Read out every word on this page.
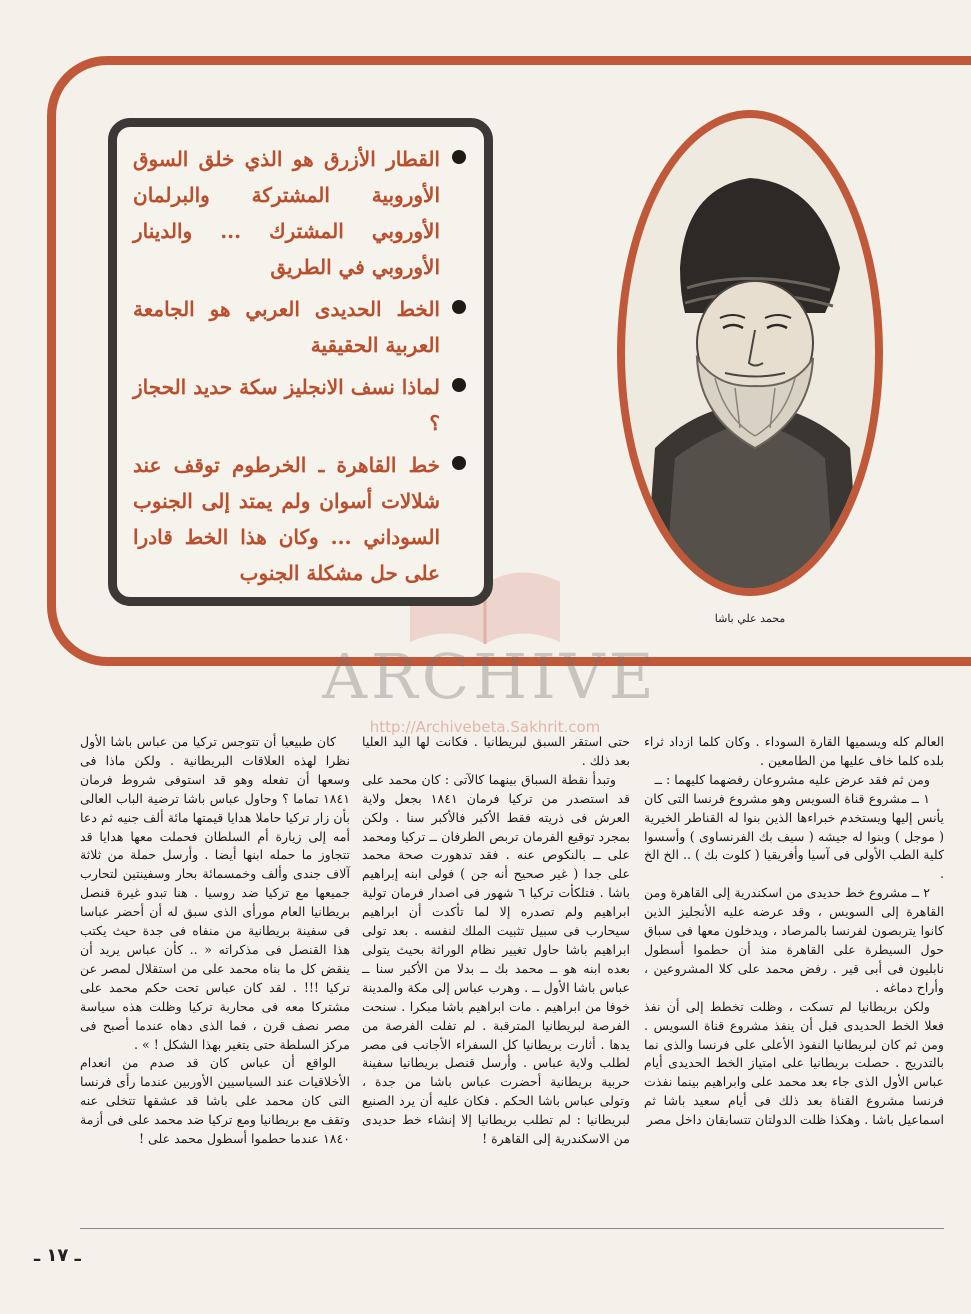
القطار الأزرق هو الذي خلق السوق الأوروبية المشتركة والبرلمان الأوروبي المشترك ... والدينار الأوروبي في الطريق
الخط الحديدى العربي هو الجامعة العربية الحقيقية
لماذا نسف الانجليز سكة حديد الحجاز ؟
خط القاهرة ـ الخرطوم توقف عند شلالات أسوان ولم يمتد إلى الجنوب السوداني ... وكان هذا الخط قادرا على حل مشكلة الجنوب
محمد علي باشا
ARCHIVE
http://Archivebeta.Sakhrit.com

العالم كله ويسميها القارة السوداء . وكان كلما ازداد ثراء بلده كلما خاف عليها من الطامعين .

ومن ثم فقد عرض عليه مشروعان رفضهما كليهما : ــ

١ ــ مشروع قناة السويس وهو مشروع فرنسا التى كان يأنس إليها ويستخدم خبراءها الذين بنوا له القناطر الخيرية ( موجل ) وبنوا له جيشه ( سيف بك الفرنساوى ) وأسسوا كلية الطب الأولى فى آسيا وأفريقيا ( كلوت بك ) .. الخ الخ .

٢ ــ مشروع خط حديدى من اسكندرية إلى القاهرة ومن القاهرة إلى السويس ، وقد عرضه عليه الأنجليز الذين كانوا يتربصون لفرنسا بالمرصاد ، ويدخلون معها فى سباق حول السيطرة على القاهرة منذ أن حطموا أسطول نابليون فى أبى قير . رفض محمد على كلا المشروعين ، وأراح دماغه .

ولكن بريطانيا لم تسكت ، وظلت تخطط إلى أن نفذ فعلا الخط الحديدى قبل أن ينفذ مشروع قناة السويس . ومن ثم كان لبريطانيا النفوذ الأعلى على فرنسا والذى نما بالتدريج . حصلت بريطانيا على امتياز الخط الحديدى أيام عباس الأول الذى جاء بعد محمد على وابراهيم بينما نفذت فرنسا مشروع القناة بعد ذلك فى أيام سعيد باشا ثم اسماعيل باشا . وهكذا ظلت الدولتان تتسابقان داخل مصر

حتى استقر السبق لبريطانيا . فكانت لها اليد العليا بعد ذلك .

وتبدأ نقطة السباق بينهما كالآتى : كان محمد على قد استصدر من تركيا فرمان ١٨٤١ بجعل ولاية العرش فى ذريته فقط الأكبر فالأكبر سنا . ولكن بمجرد توقيع الفرمان تربص الطرفان ــ تركيا ومحمد على ــ بالنكوص عنه . فقد تدهورت صحة محمد على جدا ( غير صحيح أنه جن ) فولى ابنه إبراهيم باشا . فتلكأت تركيا ٦ شهور فى اصدار فرمان تولية ابراهيم ولم تصدره إلا لما تأكدت أن ابراهيم سيحارب فى سبيل تثبيت الملك لنفسه . بعد تولى ابراهيم باشا حاول تغيير نظام الوراثة بحيث يتولى بعده ابنه هو ــ محمد بك ــ بدلا من الأكبر سنا ــ عباس باشا الأول ــ . وهرب عباس إلى مكة والمدينة خوفا من ابراهيم . مات ابراهيم باشا مبكرا . سنحت الفرصة لبريطانيا المترقبة . لم تفلت الفرصة من يدها . أثارت بريطانيا كل السفراء الأجانب فى مصر لطلب ولاية عباس . وأرسل قنصل بريطانيا سفينة حربية بريطانية أحضرت عباس باشا من جدة ، وتولى عباس باشا الحكم . فكان عليه أن يرد الصنيع لبريطانيا : لم تطلب بريطانيا إلا إنشاء خط حديدى من الاسكندرية إلى القاهرة !

كان طبيعيا أن تتوجس تركيا من عباس باشا الأول نظرا لهذه العلاقات البريطانية . ولكن ماذا فى وسعها أن تفعله وهو قد استوفى شروط فرمان ١٨٤١ تماما ؟ وحاول عباس باشا ترضية الباب العالى بأن زار تركيا حاملا هدايا قيمتها مائة ألف جنيه ثم دعا أمه إلى زيارة أم السلطان فحملت معها هدايا قد تتجاوز ما حمله ابنها أيضا . وأرسل حملة من ثلاثة آلاف جندى وألف وخمسمائة بحار وسفينتين لتحارب جميعها مع تركيا ضد روسيا . هنا تبدو غيرة قنصل بريطانيا العام مورأى الذى سبق له أن أحضر عباسا فى سفينة بريطانية من منفاه فى جدة حيث يكتب هذا القنصل فى مذكراته « .. كأن عباس يريد أن ينقض كل ما بناه محمد على من استقلال لمصر عن تركيا !!! . لقد كان عباس تحت حكم محمد على مشتركا معه فى محاربة تركيا وظلت هذه سياسة مصر نصف قرن ، فما الذى دهاه عندما أصبح فى مركز السلطة حتى يتغير بهذا الشكل ! » .

الواقع أن عباس كان قد صدم من انعدام الأخلاقيات عند السياسيين الأوربين عندما رأى فرنسا التى كان محمد على باشا قد عشقها تتخلى عنه وتقف مع بريطانيا ومع تركيا ضد محمد على فى أزمة ١٨٤٠ عندما حطموا أسطول محمد على !

ـ ١٧ ـ
